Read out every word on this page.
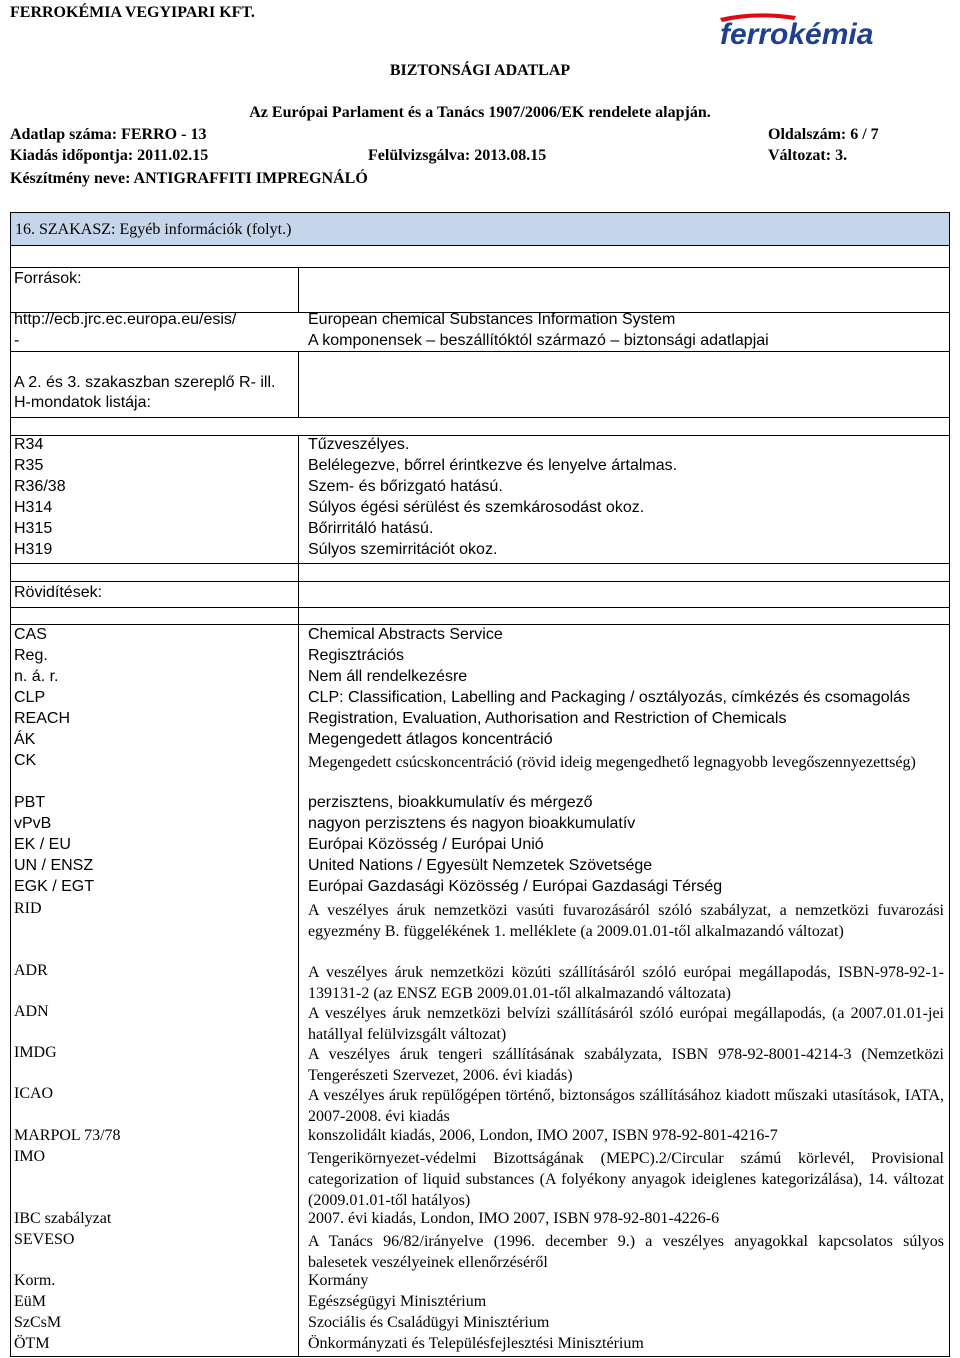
FERROKÉMIA VEGYIPARI KFT.
ferrokémia
BIZTONSÁGI ADATLAP
Az Európai Parlament és a Tanács 1907/2006/EK rendelete alapján.
Adatlap száma: FERRO - 13	Oldalszám: 6 / 7
Kiadás időpontja: 2011.02.15	Felülvizsgálva: 2013.08.15	Változat: 3.
Készítmény neve: ANTIGRAFFITI IMPREGNÁLÓ
16. SZAKASZ: Egyéb információk (folyt.)
Források:
http://ecb.jrc.ec.europa.eu/esis/	European chemical Substances Information System
-	A komponensek – beszállítóktól származó – biztonsági adatlapjai
A 2. és 3. szakaszban szereplő R- ill.
H-mondatok listája:
R34	Tűzveszélyes.
R35	Belélegezve, bőrrel érintkezve és lenyelve ártalmas.
R36/38	Szem- és bőrizgató hatású.
H314	Súlyos égési sérülést és szemkárosodást okoz.
H315	Bőrirritáló hatású.
H319	Súlyos szemirritációt okoz.
Rövidítések:
CAS	Chemical Abstracts Service
Reg.	Regisztrációs
n. á. r.	Nem áll rendelkezésre
CLP	CLP: Classification, Labelling and Packaging / osztályozás, címkézés és csomagolás
REACH	Registration, Evaluation, Authorisation and Restriction of Chemicals
ÁK	Megengedett átlagos koncentráció
CK	Megengedett csúcskoncentráció (rövid ideig megengedhető legnagyobb levegőszennyezettség)
PBT	perzisztens, bioakkumulatív és mérgező
vPvB	nagyon perzisztens és nagyon bioakkumulatív
EK / EU	Európai Közösség / Európai Unió
UN / ENSZ	United Nations / Egyesült Nemzetek Szövetsége
EGK / EGT	Európai Gazdasági Közösség / Európai Gazdasági Térség
RID	A veszélyes áruk nemzetközi vasúti fuvarozásáról szóló szabályzat, a nemzetközi fuvarozási egyezmény B. függelékének 1. melléklete (a 2009.01.01-től alkalmazandó változat)
ADR	A veszélyes áruk nemzetközi közúti szállításáról szóló európai megállapodás, ISBN-978-92-1-139131-2 (az ENSZ EGB 2009.01.01-től alkalmazandó változata)
ADN	A veszélyes áruk nemzetközi belvízi szállításáról szóló európai megállapodás, (a 2007.01.01-jei hatállyal felülvizsgált változat)
IMDG	A veszélyes áruk tengeri szállításának szabályzata, ISBN 978-92-8001-4214-3 (Nemzetközi Tengerészeti Szervezet, 2006. évi kiadás)
ICAO	A veszélyes áruk repülőgépen történő, biztonságos szállításához kiadott műszaki utasítások, IATA, 2007-2008. évi kiadás
MARPOL 73/78	konszolidált kiadás, 2006, London, IMO 2007, ISBN 978-92-801-4216-7
IMO	Tengerikörnyezet-védelmi Bizottságának (MEPC).2/Circular számú körlevél, Provisional categorization of liquid substances (A folyékony anyagok ideiglenes kategorizálása), 14. változat (2009.01.01-től hatályos)
IBC szabályzat	2007. évi kiadás, London, IMO 2007, ISBN 978-92-801-4226-6
SEVESO	A Tanács 96/82/irányelve (1996. december 9.) a veszélyes anyagokkal kapcsolatos súlyos balesetek veszélyeinek ellenőrzéséről
Korm.	Kormány
EüM	Egészségügyi Minisztérium
SzCsM	Szociális és Családügyi Minisztérium
ÖTM	Önkormányzati és Településfejlesztési Minisztérium
